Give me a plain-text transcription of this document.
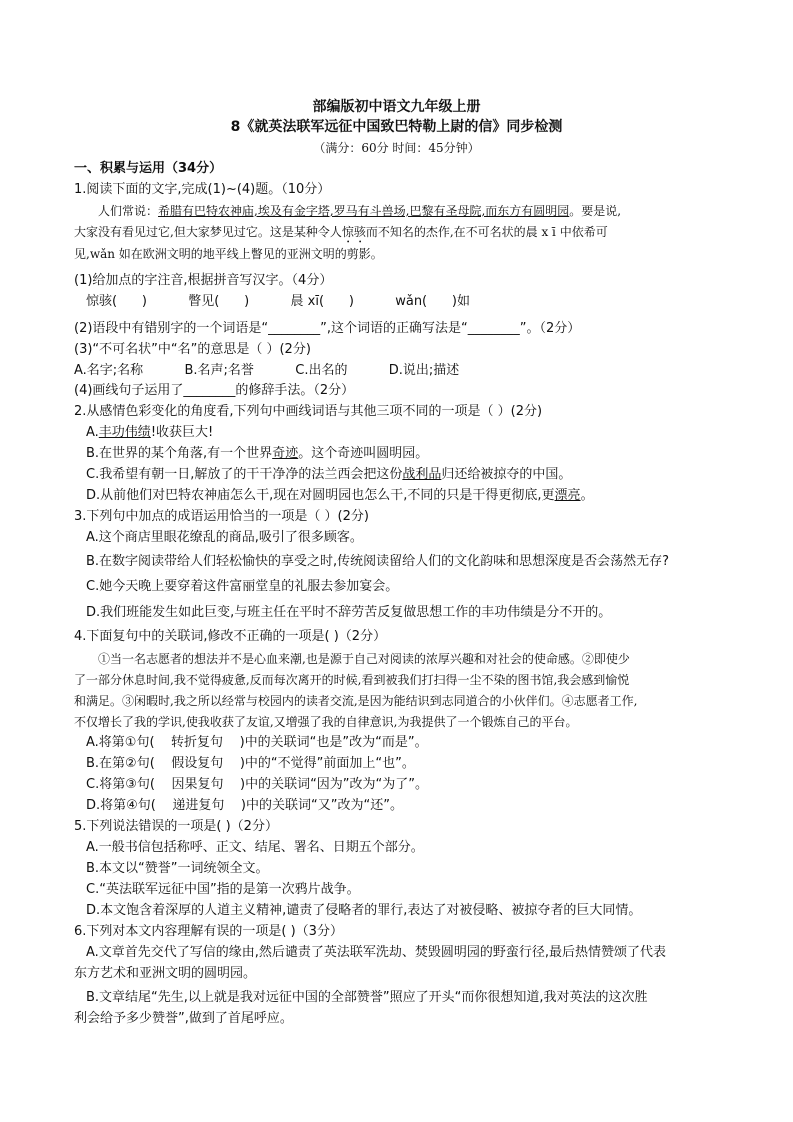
部编版初中语文九年级上册
8《就英法联军远征中国致巴特勒上尉的信》同步检测
（满分：60分 时间：45分钟）
一、积累与运用（34分）
1.阅读下面的文字,完成(1)~(4)题。（10分）
人们常说：希腊有巴特农神庙,埃及有金字塔,罗马有斗兽场,巴黎有圣母院,而东方有圆明园。要是说,
大家没有看见过它,但大家梦见过它。这是某种令人惊骇而不知名的杰作,在不可名状的晨 x ī 中依希可
见,wǎn 如在欧洲文明的地平线上瞥见的亚洲文明的剪影。
(1)给加点的字注音,根据拼音写汉字。（4分）
惊骇(      )          瞥见(      )          晨 xī(      )          wǎn(      )如
(2)语段中有错别字的一个词语是“________”,这个词语的正确写法是“________”。（2分）
(3)“不可名状”中“名”的意思是（ ）(2分)
A.名字;名称          B.名声;名誉          C.出名的          D.说出;描述
(4)画线句子运用了________的修辞手法。（2分）
2.从感情色彩变化的角度看,下列句中画线词语与其他三项不同的一项是（ ）(2分)
A.丰功伟绩!收获巨大!
B.在世界的某个角落,有一个世界奇迹。这个奇迹叫圆明园。
C.我希望有朝一日,解放了的干干净净的法兰西会把这份战利品归还给被掠夺的中国。
D.从前他们对巴特农神庙怎么干,现在对圆明园也怎么干,不同的只是干得更彻底,更漂亮。
3.下列句中加点的成语运用恰当的一项是（ ）(2分)
A.这个商店里眼花缭乱的商品,吸引了很多顾客。
B.在数字阅读带给人们轻松愉快的享受之时,传统阅读留给人们的文化韵味和思想深度是否会荡然无存?
C.她今天晚上要穿着这件富丽堂皇的礼服去参加宴会。
D.我们班能发生如此巨变,与班主任在平时不辞劳苦反复做思想工作的丰功伟绩是分不开的。
4.下面复句中的关联词,修改不正确的一项是( )（2分）
①当一名志愿者的想法并不是心血来潮,也是源于自己对阅读的浓厚兴趣和对社会的使命感。②即使少
了一部分休息时间,我不觉得疲惫,反而每次离开的时候,看到被我们打扫得一尘不染的图书馆,我会感到愉悦
和满足。③闲暇时,我之所以经常与校园内的读者交流,是因为能结识到志同道合的小伙伴们。④志愿者工作,
不仅增长了我的学识,使我收获了友谊,又增强了我的自律意识,为我提供了一个锻炼自己的平台。
A.将第①句(    转折复句    )中的关联词“也是”改为“而是”。
B.在第②句(    假设复句    )中的“不觉得”前面加上“也”。
C.将第③句(    因果复句    )中的关联词“因为”改为“为了”。
D.将第④句(    递进复句    )中的关联词“又”改为“还”。
5.下列说法错误的一项是( )（2分）
A.一般书信包括称呼、正文、结尾、署名、日期五个部分。
B.本文以“赞誉”一词统领全文。
C.“英法联军远征中国”指的是第一次鸦片战争。
D.本文饱含着深厚的人道主义精神,谴责了侵略者的罪行,表达了对被侵略、被掠夺者的巨大同情。
6.下列对本文内容理解有误的一项是( )（3分）
A.文章首先交代了写信的缘由,然后谴责了英法联军洗劫、焚毁圆明园的野蛮行径,最后热情赞颂了代表
东方艺术和亚洲文明的圆明园。
B.文章结尾“先生,以上就是我对远征中国的全部赞誉”照应了开头“而你很想知道,我对英法的这次胜
利会给予多少赞誉”,做到了首尾呼应。
